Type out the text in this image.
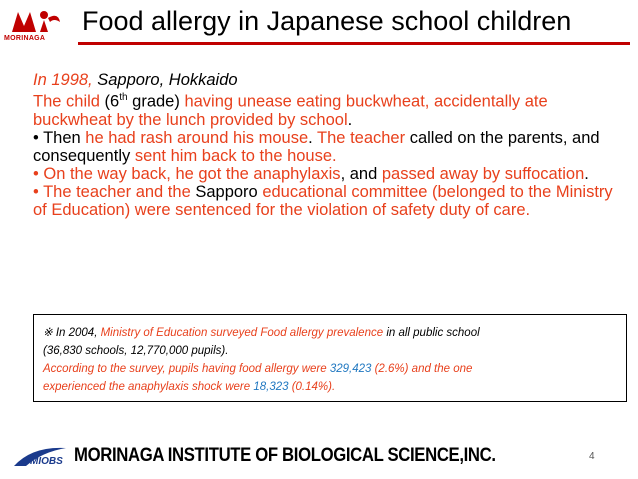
MORINAGA
Food allergy in Japanese school children

In 1998, Sapporo, Hokkaido

The child (6th grade) having unease eating buckwheat, accidentally ate buckwheat by the lunch provided by school.

• Then he had rash around his mouse. The teacher called on the parents, and consequently sent him back to the house.

• On the way back, he got the anaphylaxis, and passed away by suffocation.

• The teacher and the Sapporo educational committee (belonged to the Ministry of Education) were sentenced for the violation of safety duty of care.

※ In 2004, Ministry of Education surveyed Food allergy prevalence in all public school

(36,830 schools, 12,770,000 pupils).

According to the survey, pupils having food allergy were 329,423 (2.6%) and the one

experienced the anaphylaxis shock were 18,323 (0.14%).

4
MIOBS MORINAGA INSTITUTE OF BIOLOGICAL SCIENCE,INC.
